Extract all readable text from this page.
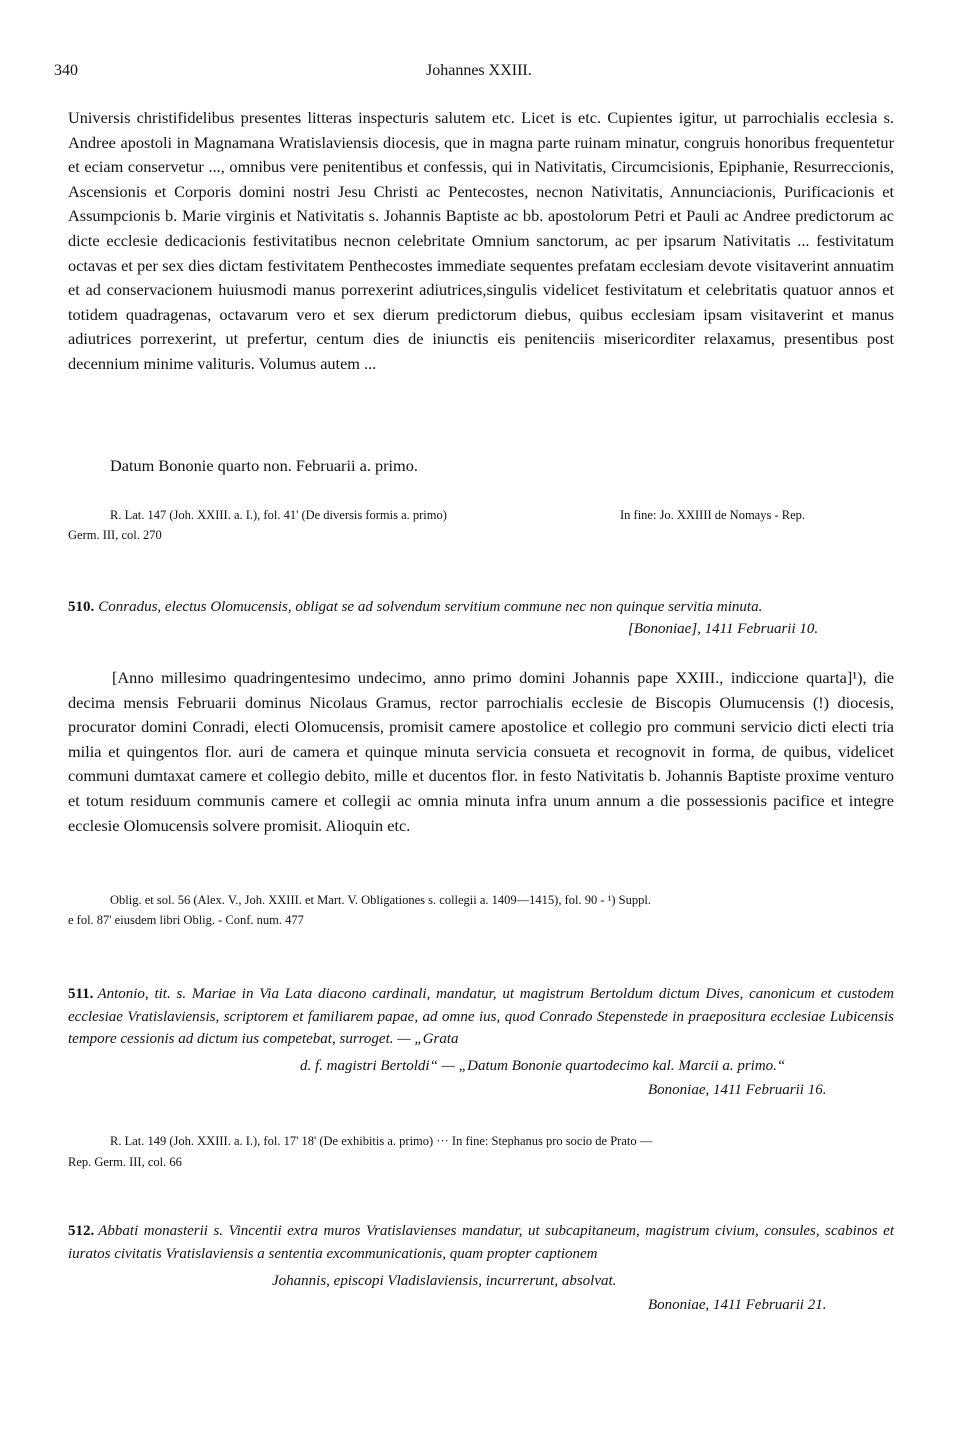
340	Johannes XXIII.

Universis christifidelibus presentes litteras inspecturis salutem etc. Licet is etc. Cupientes igitur, ut parrochialis ecclesia s. Andree apostoli in Magnamana Wratislaviensis diocesis, que in magna parte ruinam minatur, congruis honoribus frequentetur et eciam conservetur ..., omnibus vere penitentibus et confessis, qui in Nativitatis, Circumcisionis, Epiphanie, Resurreccionis, Ascensionis et Corporis domini nostri Jesu Christi ac Pentecostes, necnon Nativitatis, Annunciacionis, Purificacionis et Assumpcionis b. Marie virginis et Nativitatis s. Johannis Baptiste ac bb. apostolorum Petri et Pauli ac Andree predictorum ac dicte ecclesie dedicacionis festivitatibus necnon celebritate Omnium sanctorum, ac per ipsarum Nativitatis ... festivitatum octavas et per sex dies dictam festivitatem Penthecostes immediate sequentes prefatam ecclesiam devote visitaverint annuatim et ad conservacionem huiusmodi manus porrexerint adiutrices,singulis videlicet festivitatum et celebritatis quatuor annos et totidem quadragenas, octavarum vero et sex dierum predictorum diebus, quibus ecclesiam ipsam visitaverint et manus adiutrices porrexerint, ut prefertur, centum dies de iniunctis eis penitenciis misericorditer relaxamus, presentibus post decennium minime valituris. Volumus autem ...

Datum Bononie quarto non. Februarii a. primo.
R. Lat. 147 (Joh. XXIII. a. I.), fol. 41' (De diversis formis a. primo)	In fine: Jo. XXIIII de Nomays - Rep.
Germ. III, col. 270

510. Conradus, electus Olomucensis, obligat se ad solvendum servitium commune nec non quinque servitia minuta.

[Bononiae], 1411 Februarii 10.

[Anno millesimo quadringentesimo undecimo, anno primo domini Johannis pape XXIII., indiccione quarta]¹), die decima mensis Februarii dominus Nicolaus Gramus, rector parrochialis ecclesie de Biscopis Olumucensis (!) diocesis, procurator domini Conradi, electi Olomucensis, promisit camere apostolice et collegio pro communi servicio dicti electi tria milia et quingentos flor. auri de camera et quinque minuta servicia consueta et recognovit in forma, de quibus, videlicet communi dumtaxat camere et collegio debito, mille et ducentos flor. in festo Nativitatis b. Johannis Baptiste proxime venturo et totum residuum communis camere et collegii ac omnia minuta infra unum annum a die possessionis pacifice et integre ecclesie Olomucensis solvere promisit. Alioquin etc.

Oblig. et sol. 56 (Alex. V., Joh. XXIII. et Mart. V. Obligationes s. collegii a. 1409—1415), fol. 90 - ¹) Suppl.
e fol. 87' eiusdem libri Oblig. - Conf. num. 477

511. Antonio, tit. s. Mariae in Via Lata diacono cardinali, mandatur, ut magistrum Bertoldum dictum Dives, canonicum et custodem ecclesiae Vratislaviensis, scriptorem et familiarem papae, ad omne ius, quod Conrado Stepenstede in praepositura ecclesiae Lubicensis tempore cessionis ad dictum ius competebat, surroget. — „Grata

d. f. magistri Bertoldi“ — „Datum Bononie quartodecimo kal. Marcii a. primo.“
Bononiae, 1411 Februarii 16.
R. Lat. 149 (Joh. XXIII. a. I.), fol. 17' 18' (De exhibitis a. primo) ··· In fine: Stephanus pro socio de Prato —
Rep. Germ. III, col. 66

512. Abbati monasterii s. Vincentii extra muros Vratislavienses mandatur, ut subcapitaneum, magistrum civium, consules, scabinos et iuratos civitatis Vratislaviensis a sententia excommunicationis, quam propter captionem

Johannis, episcopi Vladislaviensis, incurrerunt, absolvat.
Bononiae, 1411 Februarii 21.
